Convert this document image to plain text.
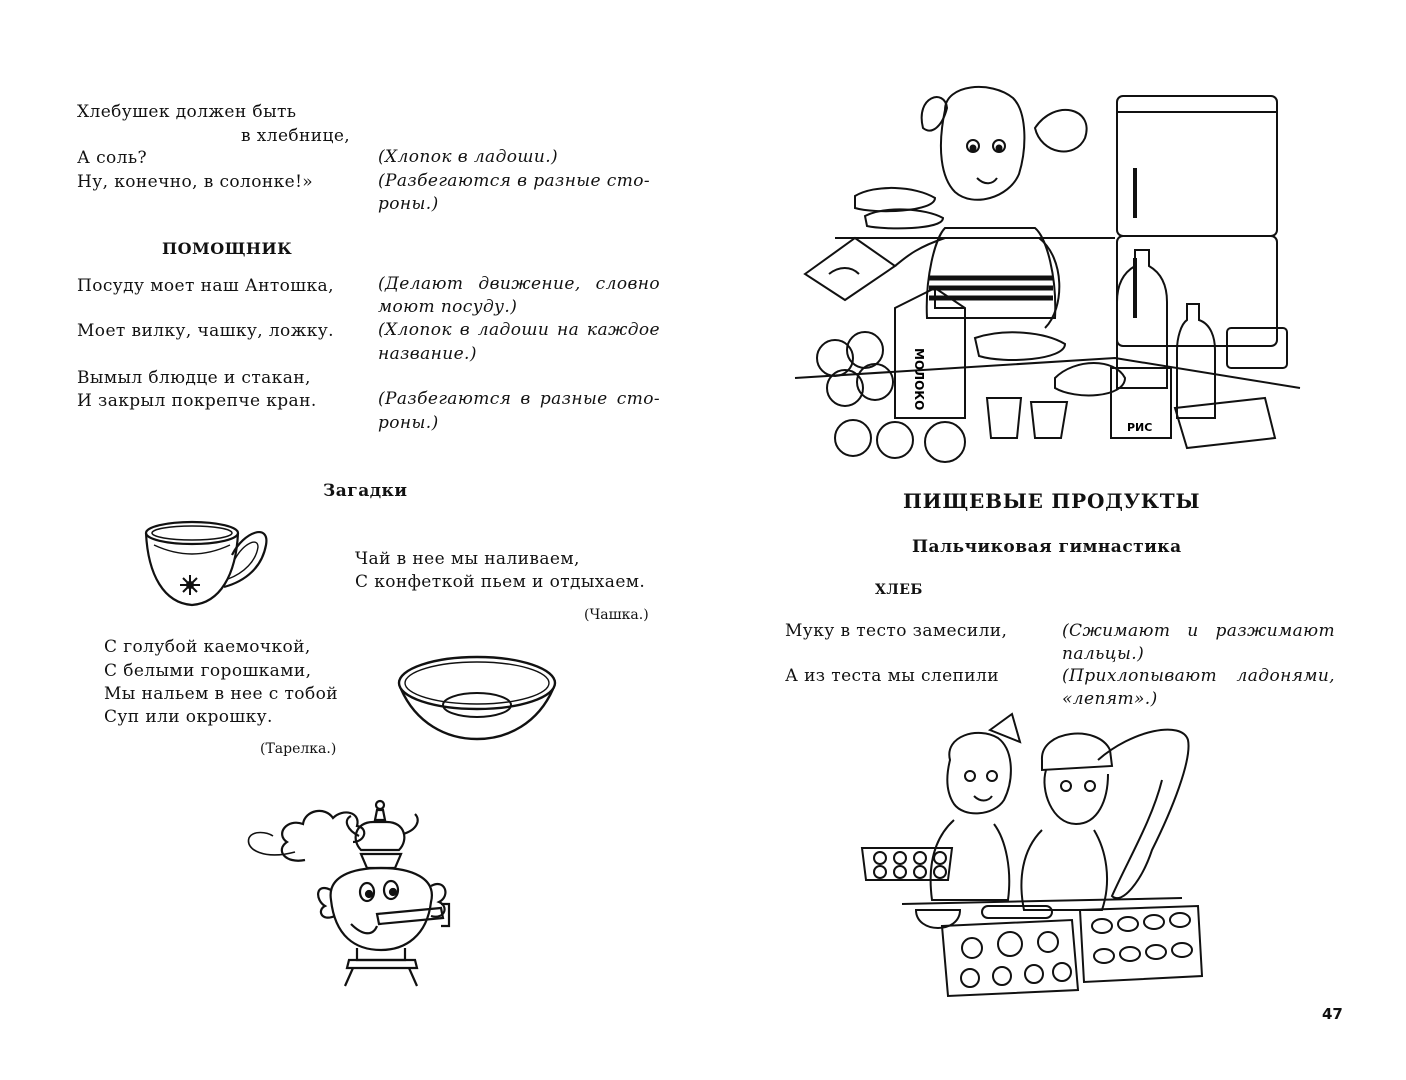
Хлебушек должен быть
в хлебнице,
А соль?
Ну, конечно, в солонке!»
(Хлопок в ладоши.)
(Разбегаются в разные сто-
роны.)
ПОМОЩНИК
Посуду моет наш Антошка,
Моет вилку, чашку, ложку.
Вымыл блюдце и стакан,
И закрыл покрепче кран.
(Делают движение, словно
моют посуду.)
(Хлопок в ладоши на каждое
название.)
(Разбегаются в разные сто-
роны.)
Загадки
Чай в нее мы наливаем,
С конфеткой пьем и отдыхаем.
(Чашка.)
С голубой каемочкой,
С белыми горошками,
Мы нальем в нее с тобой
Суп или окрошку.
(Тарелка.)
МОЛОКО
РИС
ПИЩЕВЫЕ ПРОДУКТЫ
Пальчиковая гимнастика
ХЛЕБ
Муку в тесто замесили,
А из теста мы слепили
(Сжимают и разжимают
пальцы.)
(Прихлопывают ладонями,
«лепят».)
47
